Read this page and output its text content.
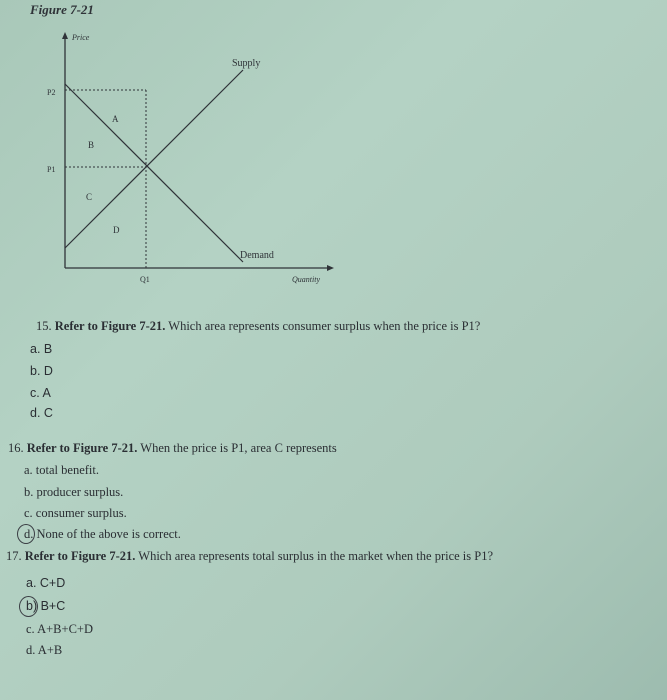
Figure 7-21
Price
Quantity
P2
P1
Q1
Supply
Demand
A
B
C
D
15. Refer to Figure 7-21. Which area represents consumer surplus when the price is P1?
a. B
b. D
c. A
d. C
16. Refer to Figure 7-21. When the price is P1, area C represents
a. total benefit.
b. producer surplus.
c. consumer surplus.
d. None of the above is correct.
17. Refer to Figure 7-21. Which area represents total surplus in the market when the price is P1?
a. C+D
b) B+C
c. A+B+C+D
d. A+B
